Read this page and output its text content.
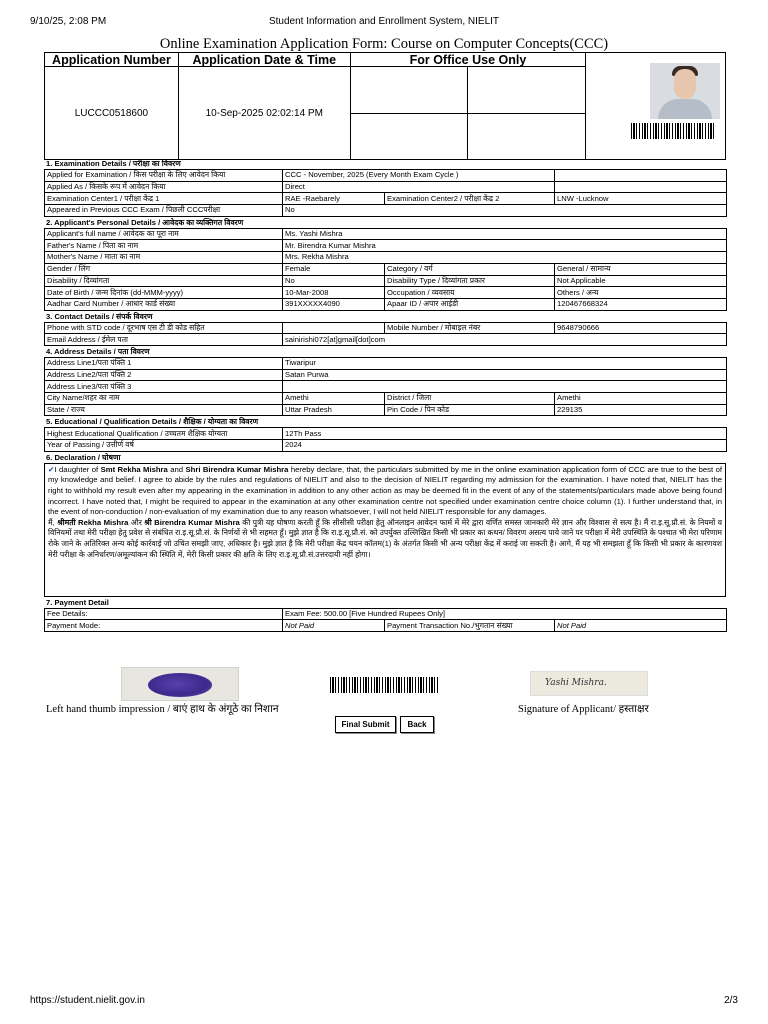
9/10/25, 2:08 PM	Student Information and Enrollment System, NIELIT
Online Examination Application Form: Course on Computer Concepts(CCC)
Application Number	Application Date & Time	For Office Use Only		

LUCCC0518600	10-Sep-2025 02:02:14 PM			

1. Examination Details / परीक्षा का विवरण
Applied for Examination / किस परीक्षा के लिए आवेदन किया	CCC - November, 2025 (Every Month Exam Cycle )		
Applied As / किसके रूप में आवेदन किया	Direct		
Examination Center1 / परीक्षा केंद्र 1	RAE -Raebarely	Examination Center2 / परीक्षा केंद्र 2	LNW -Lucknow
Appeared in Previous CCC Exam / पिछली CCCपरीक्षा	No		
2. Applicant's Personal Details / आवेदक का व्यक्तिगत विवरण
Applicant's full name / आवेदक का पूरा नाम	Ms. Yashi Mishra		
Father's Name / पिता का नाम	Mr. Birendra Kumar Mishra		
Mother's Name / माता का नाम	Mrs. Rekha Mishra		
Gender / लिंग	Female	Category / वर्ग	General / सामान्य
Disability / दिव्यांगता	No	Disability Type / दिव्यांगता प्रकार	Not Applicable
Date of Birth / जन्म दिनांक (dd-MMM-yyyy)	10-Mar-2008	Occupation / व्यवसाय	Others / अन्य
Aadhar Card Number / आधार कार्ड संख्या	391XXXXX4090	Apaar ID / अपार आईडी	120467668324
3. Contact Details / संपर्क विवरण
Phone with STD code / दूरभाष एस टी डी कोड सहित		Mobile Number / मोबाइल नंबर	9648790666
Email Address / ईमेल पता	sainirishi072[at]gmail[dot]com		
4. Address Details / पता विवरण
Address Line1/पता पंक्ति 1	Tiwaripur		
Address Line2/पता पंक्ति 2	Satan Purwa		
Address Line3/पता पंक्ति 3			
City Name/शहर का नाम	Amethi	District / जिला	Amethi
State / राज्य	Uttar Pradesh	Pin Code / पिन कोड	229135
5. Educational / Qualification Details / शैक्षिक / योग्यता का विवरण
Highest Educational Qualification / उच्चतम शैक्षिक योग्यता	12Th Pass
Year of Passing / उत्तीर्ण वर्ष	2024
6. Declaration / घोषणा

✔I daughter of Smt Rekha Mishra and Shri Birendra Kumar Mishra hereby declare, that, the particulars submitted by me in the online examination application form of CCC are true to the best of my knowledge and belief. I agree to abide by the rules and regulations of NIELIT and also to the decision of NIELIT regarding my admission for the examination. I have noted that, NIELIT has the right to withhold my result even after my appearing in the examination in addition to any other action as may be deemed fit in the event of any of the statements/particulars made above being found incorrect. I have noted that, I might be required to appear in the examination at any other examination centre not specified under examination centre choice column (1). I further understand that, in the event of non-conduction / non-evaluation of my examination due to any reason whatsoever, I will not held NIELIT responsible for any damages.

मैं, श्रीमती Rekha Mishra और श्री Birendra Kumar Mishra की पुत्री यह घोषणा करती हूँ कि सीसीसी परीक्षा हेतु ऑनलाइन आवेदन फार्म में मेरे द्वारा वर्णित समस्त जानकारी मेरे ज्ञान और विश्वास से सत्य है। मैं रा.इ.सू.प्रौ.सं. के नियमों व विनियमों तथा मेरी परीक्षा हेतु प्रवेश से संबंधित रा.इ.सू.प्रौ.सं. के निर्णयों से भी सहमत हूँ। मुझे ज्ञात है कि रा.इ.सू.प्रौ.सं. को उपर्युक्त उल्लिखित किसी भी प्रकार का कथन/ विवरण असत्य पाये जाने पर परीक्षा में मेरी उपस्थिति के पश्चात भी मेरा परिणाम रोके जाने के अतिरिक्त अन्य कोई कार्रवाई जो उचित समझी जाए, अधिकार है। मुझे ज्ञात है कि मेरी परीक्षा केंद्र चयन कॉलम(1) के अंतर्गत किसी भी अन्य परीक्षा केंद्र में कराई जा सकती है। आगे, मैं यह भी समझता हूँ कि किसी भी प्रकार के कारणवश मेरी परीक्षा के अनिर्धारण/अमूल्यांकन की स्थिति में, मेरी किसी प्रकार की क्षति के लिए रा.इ.सू.प्रौ.सं.उत्तरदायी नहीं होगा।

7. Payment Detail
Fee Details:	Exam Fee: 500.00 [Five Hundred Rupees Only]		
Payment Mode:	Not Paid	Payment Transaction No./भुगतान संख्या	Not Paid
Yashi Mishra.
Left hand thumb impression / बाएं हाथ के अंगूठे का निशान	Signature of Applicant/ हस्ताक्षर
Final Submit	Back
https://student.nielit.gov.in	2/3
